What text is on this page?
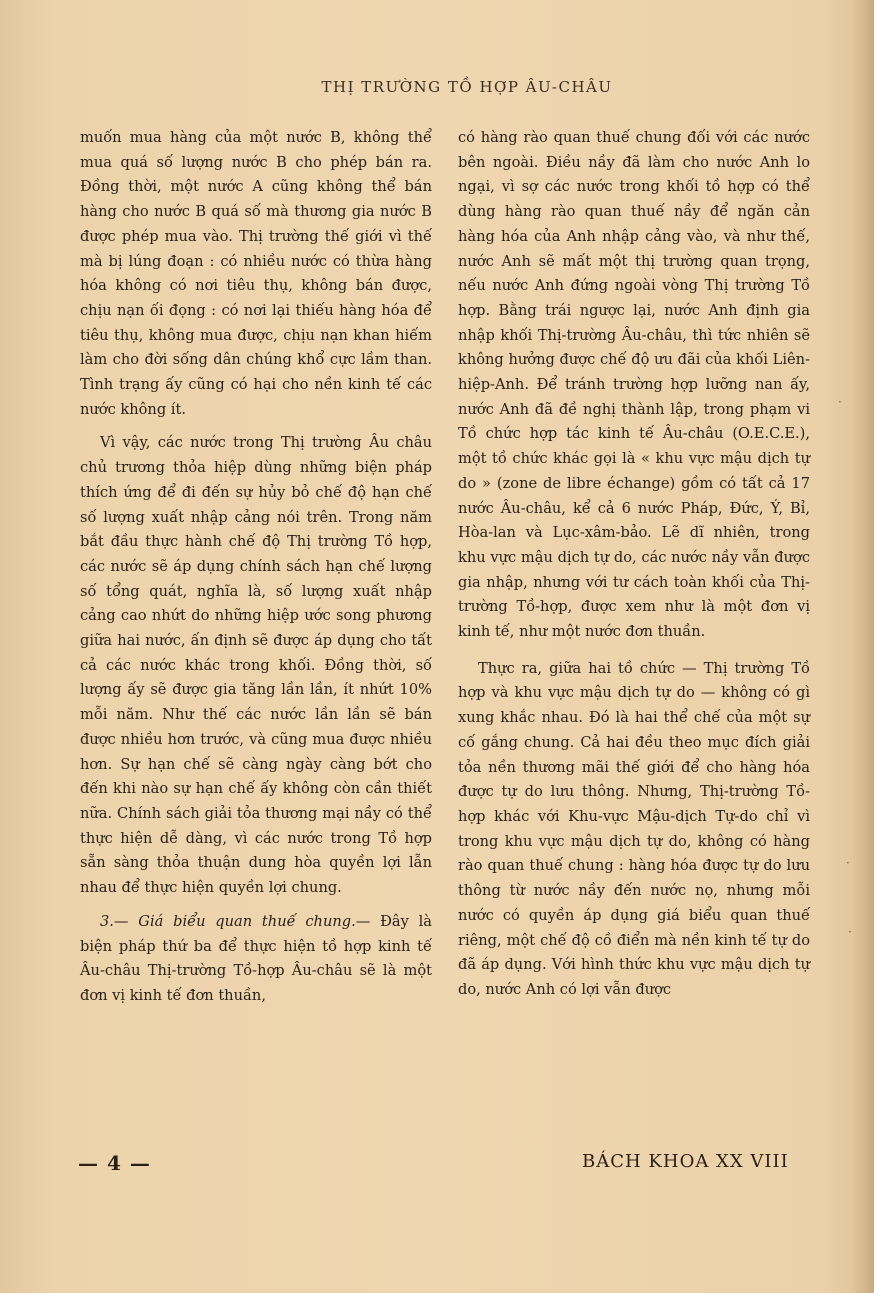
THỊ TRƯỜNG TỒ HỢP ÂU-CHÂU

muốn mua hàng của một nước B, không thể mua quá số lượng nước B cho phép bán ra. Đồng thời, một nước A cũng không thể bán hàng cho nước B quá số mà thương gia nước B được phép mua vào. Thị trường thế giới vì thế mà bị lúng đoạn : có nhiều nước có thừa hàng hóa không có nơi tiêu thụ, không bán được, chịu nạn ối đọng : có nơi lại thiếu hàng hóa để tiêu thụ, không mua được, chịu nạn khan hiếm làm cho đời sống dân chúng khổ cực lầm than. Tình trạng ấy cũng có hại cho nền kinh tế các nước không ít.

Vì vậy, các nước trong Thị trường Âu châu chủ trương thỏa hiệp dùng những biện pháp thích ứng để đi đến sự hủy bỏ chế độ hạn chế số lượng xuất nhập cảng nói trên. Trong năm bắt đầu thực hành chế độ Thị trường Tồ hợp, các nước sẽ áp dụng chính sách hạn chế lượng số tổng quát, nghĩa là, số lượng xuất nhập cảng cao nhứt do những hiệp ước song phương giữa hai nước, ấn định sẽ được áp dụng cho tất cả các nước khác trong khối. Đồng thời, số lượng ấy sẽ được gia tăng lần lần, ít nhứt 10% mỗi năm. Như thế các nước lần lần sẽ bán được nhiều hơn trước, và cũng mua được nhiều hơn. Sự hạn chế sẽ càng ngày càng bớt cho đến khi nào sự hạn chế ấy không còn cần thiết nữa. Chính sách giải tỏa thương mại nầy có thể thực hiện dễ dàng, vì các nước trong Tồ hợp sẵn sàng thỏa thuận dung hòa quyền lợi lẫn nhau để thực hiện quyền lợi chung.

3.— Giá biểu quan thuế chung.— Đây là biện pháp thứ ba để thực hiện tồ hợp kinh tế Âu-châu Thị-trường Tồ-hợp Âu-châu sẽ là một đơn vị kinh tế đơn thuần,

có hàng rào quan thuế chung đối với các nước bên ngoài. Điều nầy đã làm cho nước Anh lo ngại, vì sợ các nước trong khối tồ hợp có thể dùng hàng rào quan thuế nầy để ngăn cản hàng hóa của Anh nhập cảng vào, và như thế, nước Anh sẽ mất một thị trường quan trọng, nếu nước Anh đứng ngoài vòng Thị trường Tồ hợp. Bằng trái ngược lại, nước Anh định gia nhập khối Thị-trường Âu-châu, thì tức nhiên sẽ không hưởng được chế độ ưu đãi của khối Liên-hiệp-Anh. Để tránh trường hợp lưỡng nan ấy, nước Anh đã đề nghị thành lập, trong phạm vi Tồ chức hợp tác kinh tế Âu-châu (O.E.C.E.), một tồ chức khác gọi là « khu vực mậu dịch tự do » (zone de libre échange) gồm có tất cả 17 nước Âu-châu, kể cả 6 nước Pháp, Đức, Ý, Bỉ, Hòa-lan và Lục-xâm-bảo. Lẽ dĩ nhiên, trong khu vực mậu dịch tự do, các nước nầy vẫn được gia nhập, nhưng với tư cách toàn khối của Thị-trường Tồ-hợp, được xem như là một đơn vị kinh tế, như một nước đơn thuần.

Thực ra, giữa hai tồ chức — Thị trường Tồ hợp và khu vực mậu dịch tự do — không có gì xung khắc nhau. Đó là hai thể chế của một sự cố gắng chung. Cả hai đều theo mục đích giải tỏa nền thương mãi thế giới để cho hàng hóa được tự do lưu thông. Nhưng, Thị-trường Tồ-hợp khác với Khu-vực Mậu-dịch Tự-do chỉ vì trong khu vực mậu dịch tự do, không có hàng rào quan thuế chung : hàng hóa được tự do lưu thông từ nước nầy đến nước nọ, nhưng mỗi nước có quyền áp dụng giá biểu quan thuế riêng, một chế độ cồ điển mà nền kinh tế tự do đã áp dụng. Với hình thức khu vực mậu dịch tự do, nước Anh có lợi vẫn được

— 4 —	BÁCH KHOA XX VIII
·
·
·
